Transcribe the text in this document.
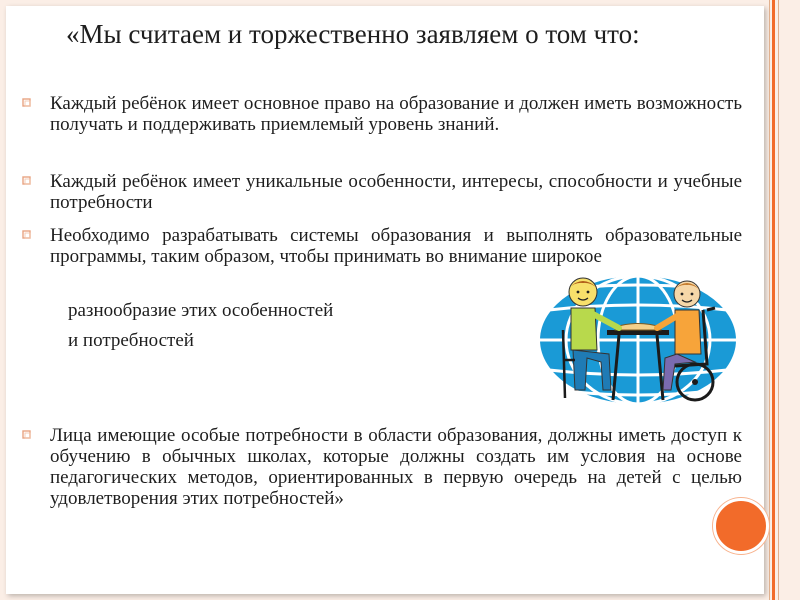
«Мы считаем и торжественно заявляем о том что:

Каждый ребёнок имеет основное право на образование и должен иметь возможность получать и поддерживать приемлемый уровень знаний.

Каждый ребёнок имеет уникальные особенности, интересы, способности и учебные потребности

Необходимо разрабатывать системы образования и выполнять образовательные программы, таким образом, чтобы принимать во внимание широкое

разнообразие этих особенностей

и потребностей

Лица имеющие особые потребности в области образования, должны иметь доступ к обучению в обычных школах, которые должны создать им условия на основе педагогических методов, ориентированных в первую очередь на детей с целью удовлетворения этих потребностей»
